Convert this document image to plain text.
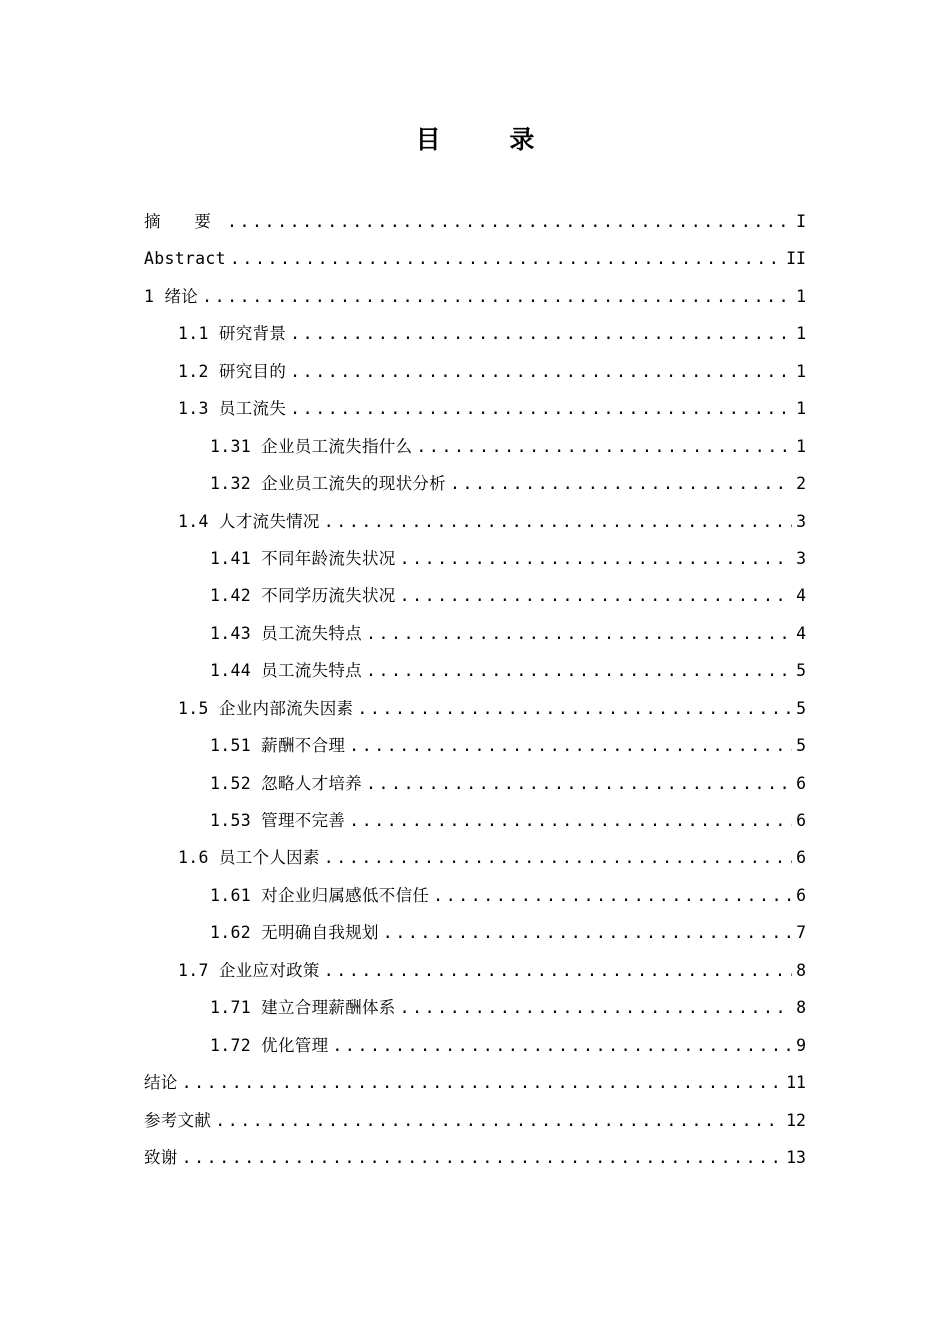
目 录
摘 要 .....	I
Abstract .....	II
1 绪论 .....	1
1.1 研究背景 .....	1
1.2 研究目的 .....	1
1.3 员工流失 .....	1
1.31 企业员工流失指什么 .....	1
1.32 企业员工流失的现状分析 .....	2
1.4 人才流失情况 .....	3
1.41 不同年龄流失状况 .....	3
1.42 不同学历流失状况 .....	4
1.43 员工流失特点 .....	4
1.44 员工流失特点 .....	5
1.5 企业内部流失因素 .....	5
1.51 薪酬不合理 .....	5
1.52 忽略人才培养 .....	6
1.53 管理不完善 .....	6
1.6 员工个人因素 .....	6
1.61 对企业归属感低不信任 .....	6
1.62 无明确自我规划 .....	7
1.7 企业应对政策 .....	8
1.71 建立合理薪酬体系 .....	8
1.72 优化管理 .....	9
结论 .....	11
参考文献 .....	12
致谢 .....	13
